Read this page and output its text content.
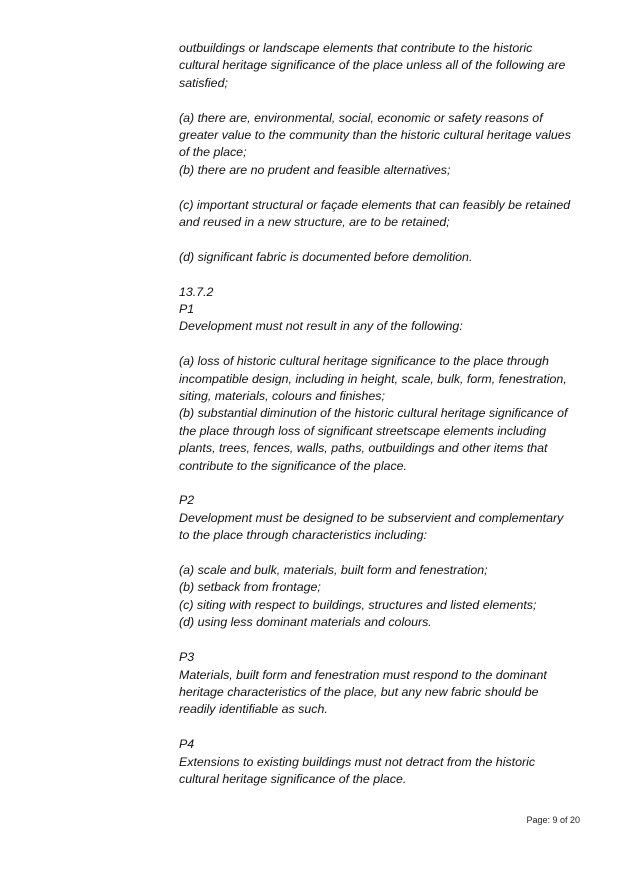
outbuildings or landscape elements that contribute to the historic
cultural heritage significance of the place unless all of the following are
satisfied;
(a) there are, environmental, social, economic or safety reasons of
greater value to the community than the historic cultural heritage values
of the place;
(b) there are no prudent and feasible alternatives;
(c) important structural or façade elements that can feasibly be retained
and reused in a new structure, are to be retained;
(d) significant fabric is documented before demolition.
13.7.2
P1
Development must not result in any of the following:
(a) loss of historic cultural heritage significance to the place through
incompatible design, including in height, scale, bulk, form, fenestration,
siting, materials, colours and finishes;
(b) substantial diminution of the historic cultural heritage significance of
the place through loss of significant streetscape elements including
plants, trees, fences, walls, paths, outbuildings and other items that
contribute to the significance of the place.
P2
Development must be designed to be subservient and complementary
to the place through characteristics including:
(a) scale and bulk, materials, built form and fenestration;
(b) setback from frontage;
(c) siting with respect to buildings, structures and listed elements;
(d) using less dominant materials and colours.
P3
Materials, built form and fenestration must respond to the dominant
heritage characteristics of the place, but any new fabric should be
readily identifiable as such.
P4
Extensions to existing buildings must not detract from the historic
cultural heritage significance of the place.
Page: 9 of 20
